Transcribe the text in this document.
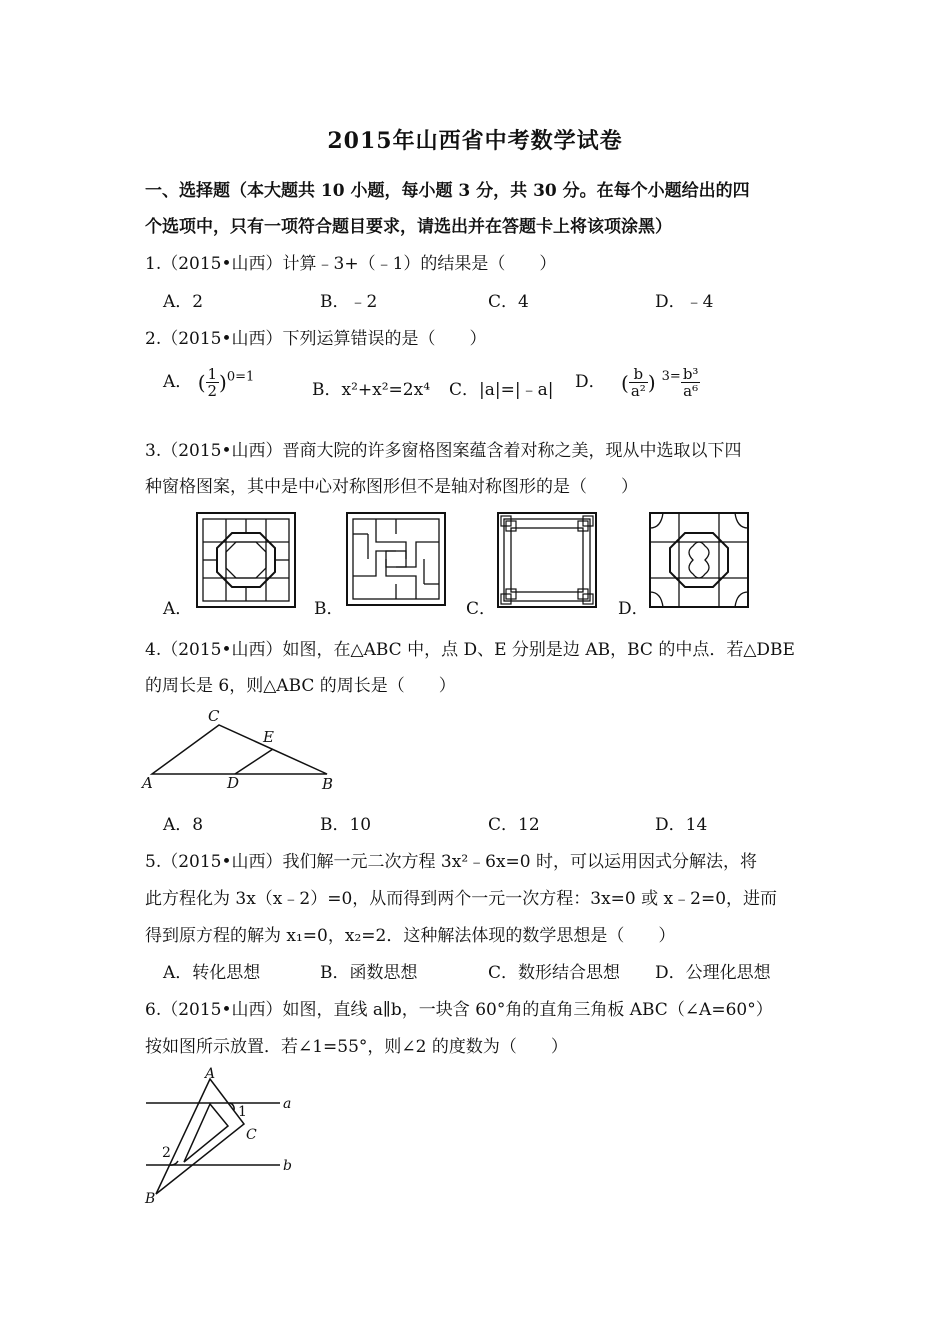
2015年山西省中考数学试卷
一、选择题（本大题共 10 小题，每小题 3 分，共 30 分。在每个小题给出的四
个选项中，只有一项符合题目要求，请选出并在答题卡上将该项涂黑）
1.（2015•山西）计算﹣3+（﹣1）的结果是（　　）
A．2	B．﹣2	C．4	D．﹣4
2.（2015•山西）下列运算错误的是（　　）
A． ( $\frac{1}{2} )^{0=1}$
B．x²+x²=2x⁴ C．|a|=|﹣a| D． ( $\frac{b}{\text{a²}}$ ) $^{3=} \frac{\text{b³}}{\text{a⁶}}$
3.（2015•山西）晋商大院的许多窗格图案蕴含着对称之美，现从中选取以下四
种窗格图案，其中是中心对称图形但不是轴对称图形的是（　　）
A．	B．	C．	D．
4.（2015•山西）如图，在△ABC 中，点 D、E 分别是边 AB，BC 的中点．若△DBE
的周长是 6，则△ABC 的周长是（　　）
A	B
C
D
E
A．8	B．10	C．12	D．14
5.（2015•山西）我们解一元二次方程 3x²﹣6x=0 时，可以运用因式分解法，将
此方程化为 3x（x﹣2）=0，从而得到两个一元一次方程：3x=0 或 x﹣2=0，进而
得到原方程的解为 x₁=0，x₂=2．这种解法体现的数学思想是（　　）
A．转化思想	B．函数思想	C．数形结合思想 D．公理化思想
6.（2015•山西）如图，直线 a∥b，一块含 60°角的直角三角板 ABC（∠A=60°）
按如图所示放置．若∠1=55°，则∠2 的度数为（　　）
A
B
C
a
b
1
2
